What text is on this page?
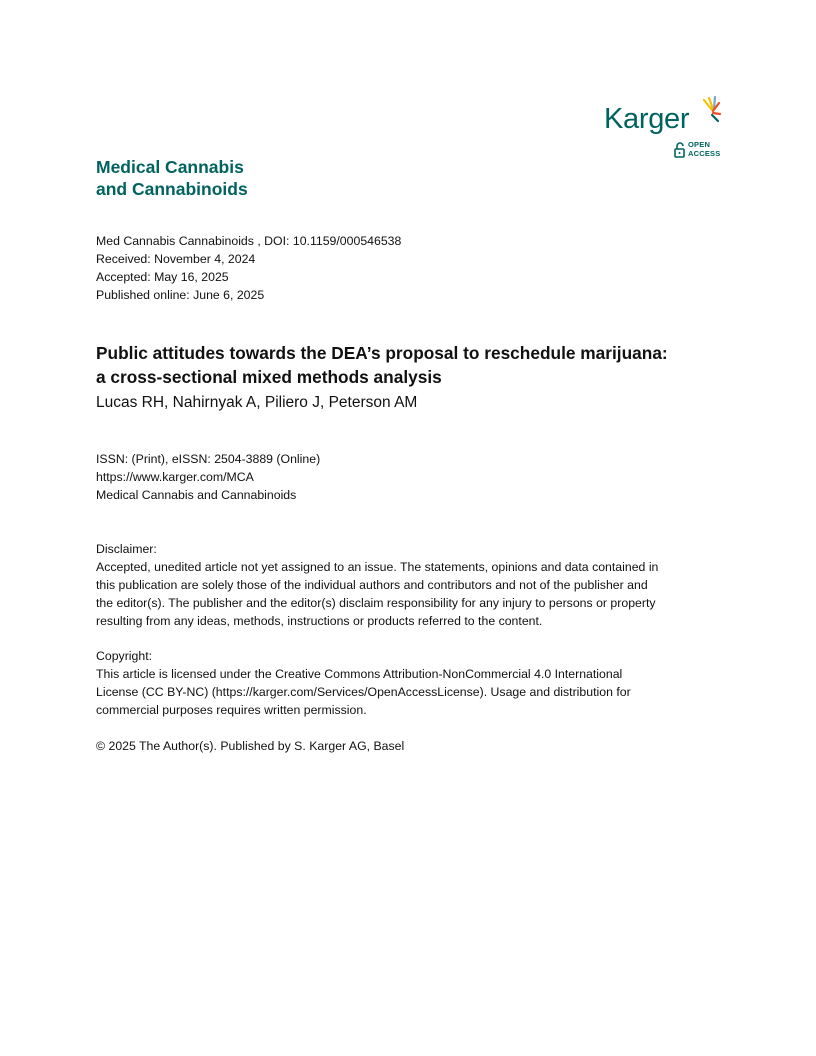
Karger
OPEN
ACCESS
Medical Cannabis
and Cannabinoids
Med Cannabis Cannabinoids , DOI: 10.1159/000546538
Received: November 4, 2024
Accepted: May 16, 2025
Published online: June 6, 2025
Public attitudes towards the DEA’s proposal to reschedule marijuana:
a cross-sectional mixed methods analysis
Lucas RH, Nahirnyak A, Piliero J, Peterson AM
ISSN: (Print), eISSN: 2504-3889 (Online)
https://www.karger.com/MCA
Medical Cannabis and Cannabinoids
Disclaimer:
Accepted, unedited article not yet assigned to an issue. The statements, opinions and data contained in
this publication are solely those of the individual authors and contributors and not of the publisher and
the editor(s). The publisher and the editor(s) disclaim responsibility for any injury to persons or property
resulting from any ideas, methods, instructions or products referred to the content.
Copyright:
This article is licensed under the Creative Commons Attribution-NonCommercial 4.0 International
License (CC BY-NC) (https://karger.com/Services/OpenAccessLicense). Usage and distribution for
commercial purposes requires written permission.
© 2025 The Author(s). Published by S. Karger AG, Basel
